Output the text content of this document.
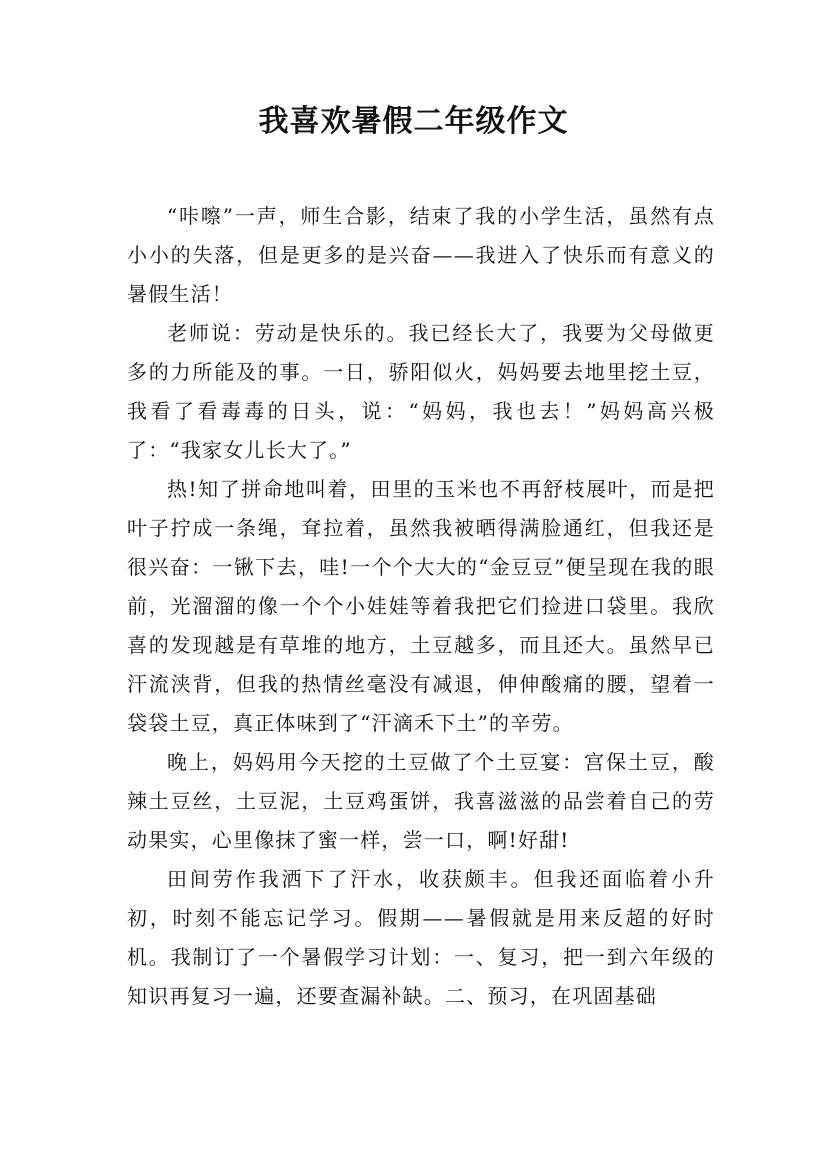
我喜欢暑假二年级作文

“咔嚓”一声，师生合影，结束了我的小学生活，虽然有点小小的失落，但是更多的是兴奋——我进入了快乐而有意义的暑假生活！

老师说：劳动是快乐的。我已经长大了，我要为父母做更多的力所能及的事。一日，骄阳似火，妈妈要去地里挖土豆，我看了看毒毒的日头，说：“妈妈，我也去！”妈妈高兴极了：“我家女儿长大了。”

热!知了拼命地叫着，田里的玉米也不再舒枝展叶，而是把叶子拧成一条绳，耷拉着，虽然我被晒得满脸通红，但我还是很兴奋：一锹下去，哇!一个个大大的“金豆豆”便呈现在我的眼前，光溜溜的像一个个小娃娃等着我把它们捡进口袋里。我欣喜的发现越是有草堆的地方，土豆越多，而且还大。虽然早已汗流浃背，但我的热情丝毫没有减退，伸伸酸痛的腰，望着一袋袋土豆，真正体味到了“汗滴禾下土”的辛劳。

晚上，妈妈用今天挖的土豆做了个土豆宴：宫保土豆，酸辣土豆丝，土豆泥，土豆鸡蛋饼，我喜滋滋的品尝着自己的劳动果实，心里像抹了蜜一样，尝一口，啊!好甜!

田间劳作我洒下了汗水，收获颇丰。但我还面临着小升初，时刻不能忘记学习。假期——暑假就是用来反超的好时机。我制订了一个暑假学习计划：一、复习，把一到六年级的知识再复习一遍，还要查漏补缺。二、预习，在巩固基础
